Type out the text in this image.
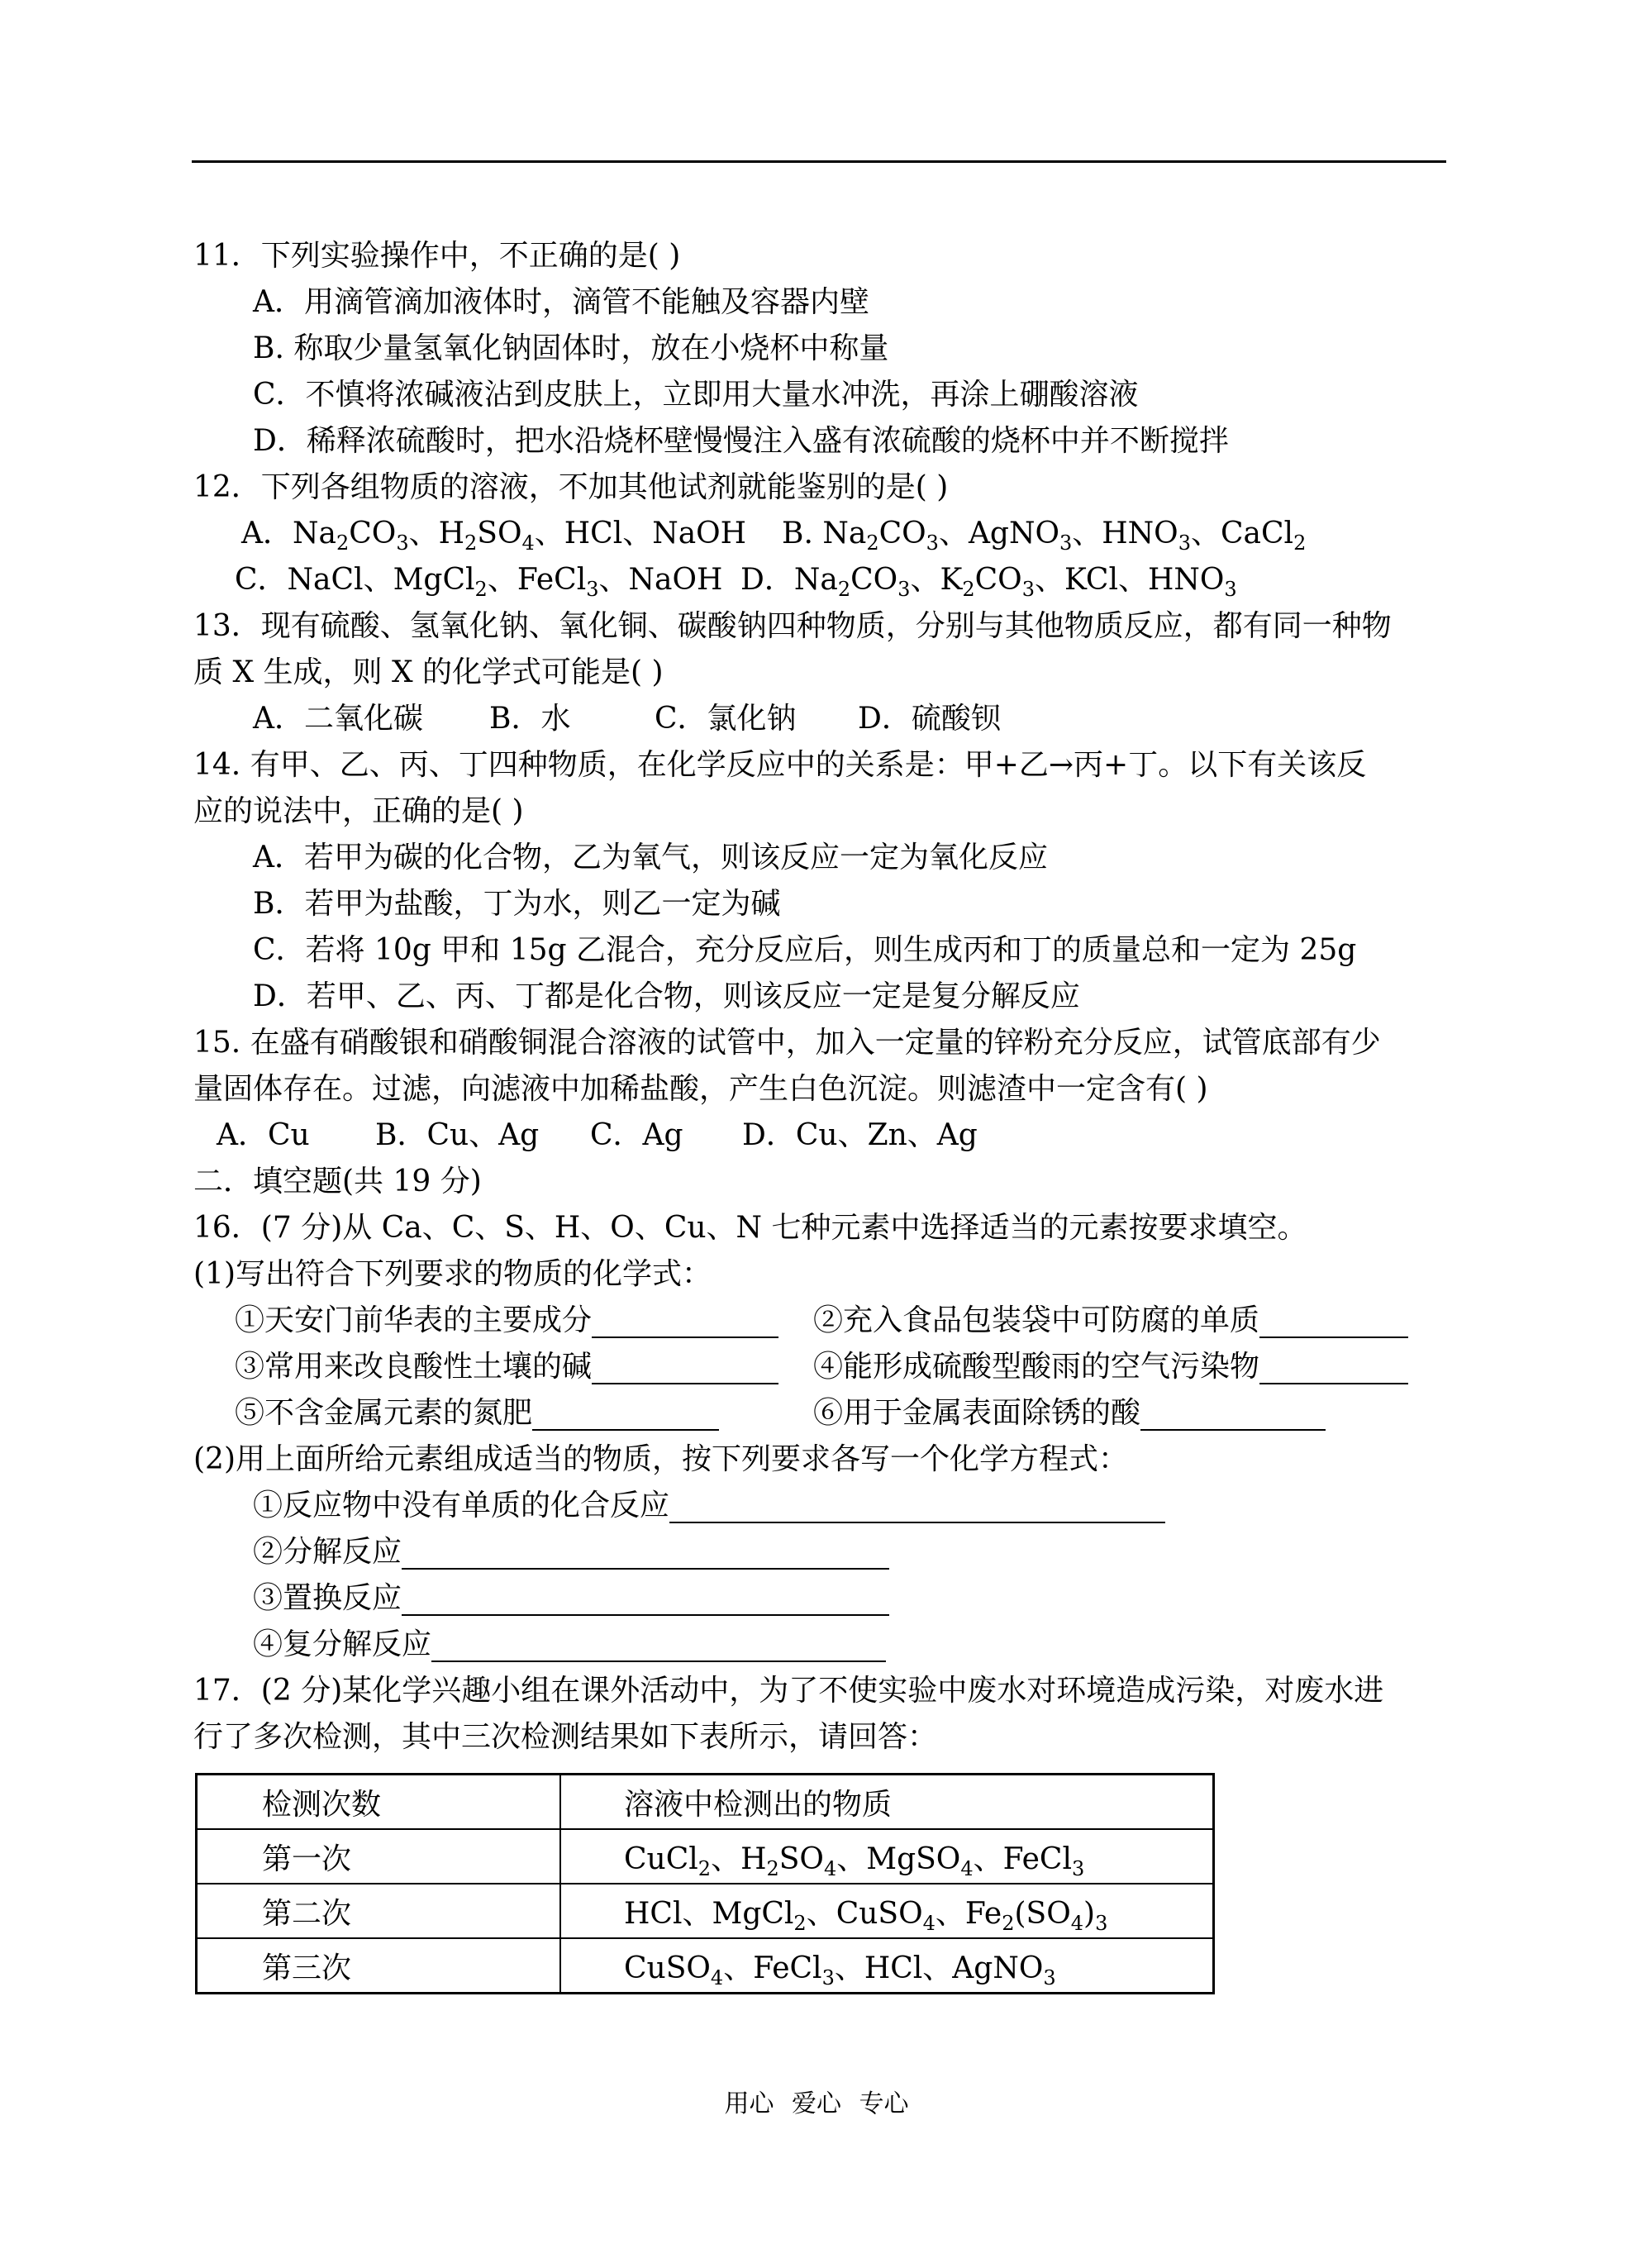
11．下列实验操作中，不正确的是( )
A．用滴管滴加液体时，滴管不能触及容器内壁
B. 称取少量氢氧化钠固体时，放在小烧杯中称量
C．不慎将浓碱液沾到皮肤上，立即用大量水冲洗，再涂上硼酸溶液
D．稀释浓硫酸时，把水沿烧杯壁慢慢注入盛有浓硫酸的烧杯中并不断搅拌
12．下列各组物质的溶液，不加其他试剂就能鉴别的是( )
A．$Na_2CO_3$、$H_2SO_4$、HCl、NaOH B. $Na_2CO_3$、AgNO$_3$、$HNO_3$、CaCl$_2$
C．NaCl、MgCl$_2$、FeCl$_3$、NaOH D．$Na_2CO_3$、$K_2CO_3$、KCl、$HNO_3$
13．现有硫酸、氢氧化钠、氧化铜、碳酸钠四种物质，分别与其他物质反应，都有同一种物
质 X 生成，则 X 的化学式可能是( )
A．二氧化碳 B．水	C．氯化钠 D．硫酸钡
14. 有甲、乙、丙、丁四种物质，在化学反应中的关系是：甲+乙→丙+丁。以下有关该反
应的说法中，正确的是( )
A．若甲为碳的化合物，乙为氧气，则该反应一定为氧化反应
B．若甲为盐酸，丁为水，则乙一定为碱
C．若将 10g 甲和 15g 乙混合，充分反应后，则生成丙和丁的质量总和一定为 25g
D．若甲、乙、丙、丁都是化合物，则该反应一定是复分解反应
15. 在盛有硝酸银和硝酸铜混合溶液的试管中，加入一定量的锌粉充分反应，试管底部有少
量固体存在。过滤，向滤液中加稀盐酸，产生白色沉淀。则滤渣中一定含有( )
A．Cu B．Cu、Ag C．Ag D．Cu、Zn、Ag
二．填空题(共 19 分)
16．(7 分)从 Ca、C、S、H、O、Cu、N 七种元素中选择适当的元素按要求填空。
(1)写出符合下列要求的物质的化学式：
①天安门前华表的主要成分	②充入食品包装袋中可防腐的单质
③常用来改良酸性土壤的碱	④能形成硫酸型酸雨的空气污染物
⑤不含金属元素的氮肥	⑥用于金属表面除锈的酸
(2)用上面所给元素组成适当的物质，按下列要求各写一个化学方程式：
①反应物中没有单质的化合反应
②分解反应
③置换反应
④复分解反应
17．(2 分)某化学兴趣小组在课外活动中，为了不使实验中废水对环境造成污染，对废水进
行了多次检测，其中三次检测结果如下表所示，请回答：
检测次数	溶液中检测出的物质
第一次	CuCl$_2$、$H_2SO_4$、MgSO$_4$、FeCl$_3$
第二次	HCl、MgCl$_2$、CuSO$_4$、$Fe_2(SO_4)_3$
第三次	CuSO$_4$、FeCl$_3$、HCl、AgNO$_3$
用心 爱心 专心
